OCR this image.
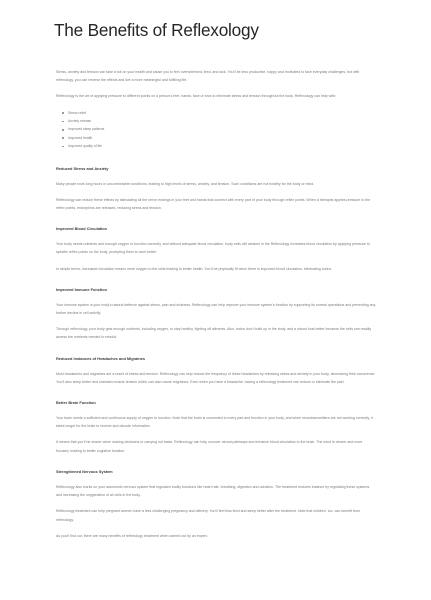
The Benefits of Reflexology

Stress, anxiety and tension can take a toll on your health and cause you to feel overwhelmed, tired, and sick. You'll be less productive, happy and motivated to face everyday challenges, but with reflexology, you can reverse the effects and live a more meaningful and fulfilling life.

Reflexology is the art of applying pressure to different points on a person's feet, hands, face or ears to eliminate stress and tension throughout the body. Reflexology can help with:

Stress relief
Anxiety release
Improved sleep patterns
Improved health
Improved quality of life
Reduced Stress and Anxiety

Many people work long hours in uncomfortable conditions, leading to high levels of stress, anxiety, and tension. Such conditions are not healthy for the body or mind.

Reflexology can reduce these effects by stimulating all the nerve endings in your feet and hands that connect with every part of your body through reflex points. When a therapist applies pressure to the reflex points, endorphins are released, reducing stress and tension.

Improved Blood Circulation

Your body needs nutrients and enough oxygen to function correctly, and without adequate blood circulation, body cells will weaken in the Reflexology increases blood circulation by applying pressure to specific reflex points on the body, prompting them to work better.

In simple terms, increased circulation means more oxygen to the cells leading to better health. You'll be physically fit when there is improved blood circulation, eliminating toxins.

Improved Immune Function

Your immune system is your body's natural defence against stress, pain and sickness. Reflexology can help improve your immune system's function by supporting its normal operations and preventing any further decline in cell activity.

Through reflexology, your body gets enough nutrients, including oxygen, to stay healthy, fighting off ailments. Also, toxins don't build up in the body, and a robust host better because the cells can readily access the nutrients needed to rebuild.

Reduced Instances of Headaches and Migraines

Most headaches and migraines are a result of stress and tension. Reflexology can help reduce the frequency of these headaches by releasing stress and anxiety in your body, decreasing their occurrence. You'll also sleep better and maintain muscle tension which can also cause migraines. Even when you have a headache, having a reflexology treatment can reduce or eliminate the pain.

Better Brain Function

Your brain needs a sufficient and continuous supply of oxygen to function. Note that the brain is connected to every part and function in your body, and when neurotransmitters are not working correctly, it takes longer for the brain to receive and decode information.

It means that you'll be slower when making decisions or carrying out tasks. Reflexology can help uncover neural pathways and enhance blood circulation to the brain. The mind is clearer and more focused, leading to better cognitive function.

Strengthened Nervous System

Reflexology also works on your autonomic nervous system that regulates bodily functions like heart rate, breathing, digestion and urination. The treatment restores balance by regulating these systems and increasing the oxygenation of all cells in the body.

Reflexology treatment can help pregnant women have a less challenging pregnancy and delivery. You'll feel less tired and sleep better after the treatment. Note that children, too, can benefit from reflexology.

As you'll find out, there are many benefits of reflexology treatment when carried out by an expert.
